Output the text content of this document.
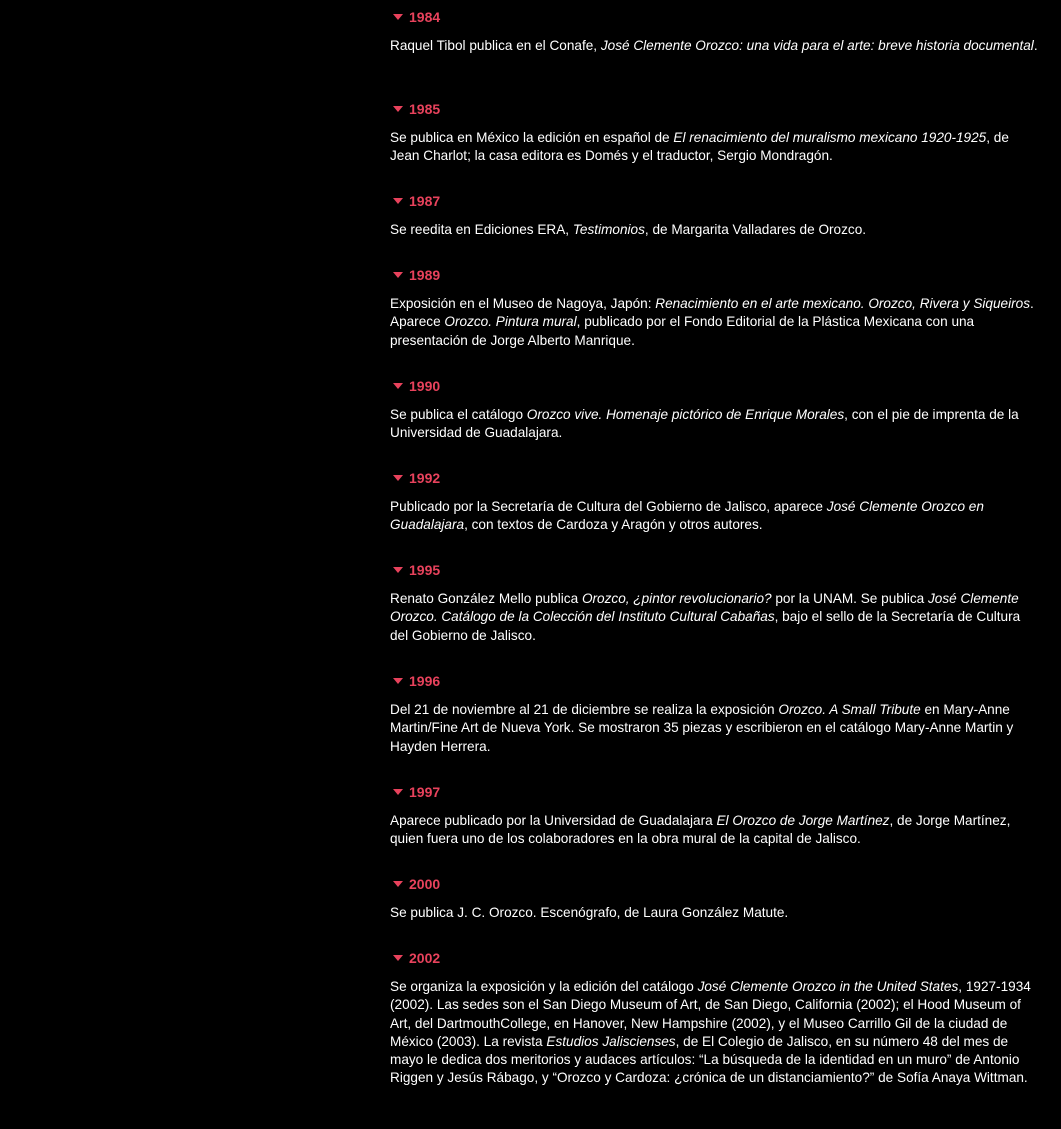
1984
Raquel Tibol publica en el Conafe, José Clemente Orozco: una vida para el arte: breve historia documental.
1985
Se publica en México la edición en español de El renacimiento del muralismo mexicano 1920-1925, de Jean Charlot; la casa editora es Domés y el traductor, Sergio Mondragón.
1987
Se reedita en Ediciones ERA, Testimonios, de Margarita Valladares de Orozco.
1989
Exposición en el Museo de Nagoya, Japón: Renacimiento en el arte mexicano. Orozco, Rivera y Siqueiros. Aparece Orozco. Pintura mural, publicado por el Fondo Editorial de la Plástica Mexicana con una presentación de Jorge Alberto Manrique.
1990
Se publica el catálogo Orozco vive. Homenaje pictórico de Enrique Morales, con el pie de imprenta de la Universidad de Guadalajara.
1992
Publicado por la Secretaría de Cultura del Gobierno de Jalisco, aparece José Clemente Orozco en Guadalajara, con textos de Cardoza y Aragón y otros autores.
1995
Renato González Mello publica Orozco, ¿pintor revolucionario? por la UNAM. Se publica José Clemente Orozco. Catálogo de la Colección del Instituto Cultural Cabañas, bajo el sello de la Secretaría de Cultura del Gobierno de Jalisco.
1996
Del 21 de noviembre al 21 de diciembre se realiza la exposición Orozco. A Small Tribute en Mary-Anne Martin/Fine Art de Nueva York. Se mostraron 35 piezas y escribieron en el catálogo Mary-Anne Martin y Hayden Herrera.
1997
Aparece publicado por la Universidad de Guadalajara El Orozco de Jorge Martínez, de Jorge Martínez, quien fuera uno de los colaboradores en la obra mural de la capital de Jalisco.
2000
Se publica J. C. Orozco. Escenógrafo, de Laura González Matute.
2002
Se organiza la exposición y la edición del catálogo José Clemente Orozco in the United States, 1927-1934 (2002). Las sedes son el San Diego Museum of Art, de San Diego, California (2002); el Hood Museum of Art, del DartmouthCollege, en Hanover, New Hampshire (2002), y el Museo Carrillo Gil de la ciudad de México (2003). La revista Estudios Jaliscienses, de El Colegio de Jalisco, en su número 48 del mes de mayo le dedica dos meritorios y audaces artículos: “La búsqueda de la identidad en un muro” de Antonio Riggen y Jesús Rábago, y “Orozco y Cardoza: ¿crónica de un distanciamiento?” de Sofía Anaya Wittman.
